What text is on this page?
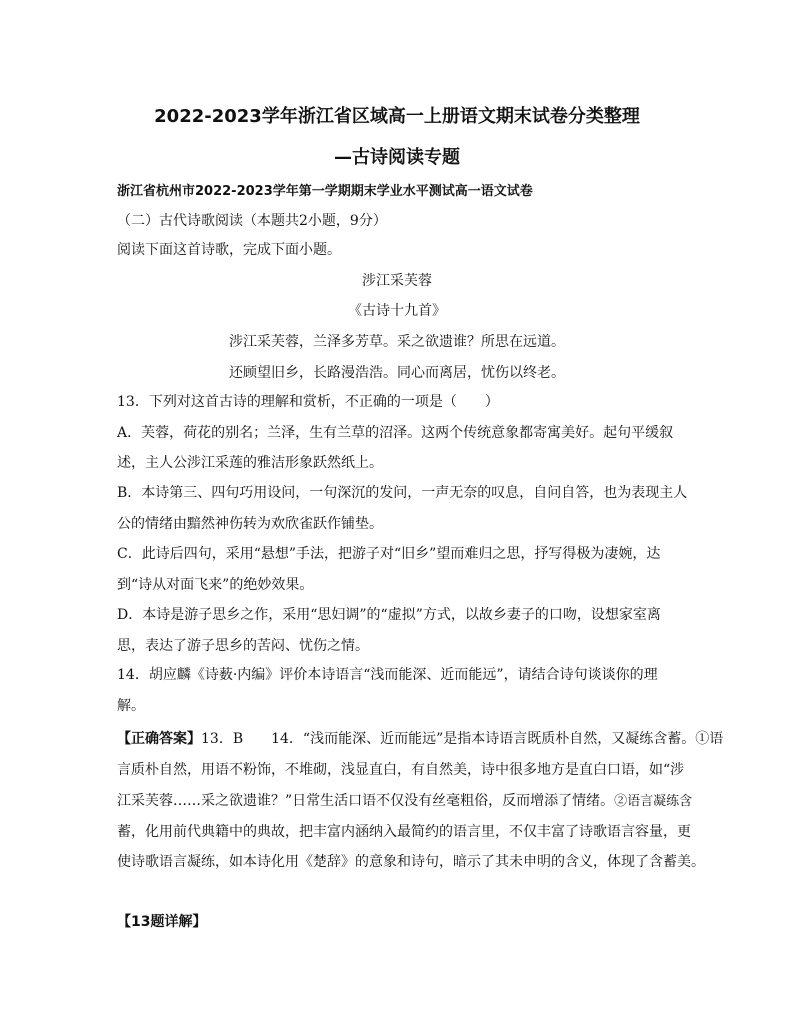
2022-2023学年浙江省区域高一上册语文期末试卷分类整理
—古诗阅读专题
浙江省杭州市2022-2023学年第一学期期末学业水平测试高一语文试卷
（二）古代诗歌阅读（本题共2小题，9分）
阅读下面这首诗歌，完成下面小题。
涉江采芙蓉
《古诗十九首》
涉江采芙蓉，兰泽多芳草。采之欲遗谁？所思在远道。
还顾望旧乡，长路漫浩浩。同心而离居，忧伤以终老。
13．下列对这首古诗的理解和赏析，不正确的一项是（　　）
A．芙蓉，荷花的别名；兰泽，生有兰草的沼泽。这两个传统意象都寄寓美好。起句平缓叙
述，主人公涉江采莲的雅洁形象跃然纸上。
B．本诗第三、四句巧用设问，一句深沉的发问，一声无奈的叹息，自问自答，也为表现主人
公的情绪由黯然神伤转为欢欣雀跃作铺垫。
C．此诗后四句，采用“悬想”手法，把游子对“旧乡”望而难归之思，抒写得极为凄婉，达
到“诗从对面飞来”的绝妙效果。
D．本诗是游子思乡之作，采用“思妇调”的“虚拟”方式，以故乡妻子的口吻，设想家室离
思，表达了游子思乡的苦闷、忧伤之情。
14．胡应麟《诗薮·内编》评价本诗语言“浅而能深、近而能远”，请结合诗句谈谈你的理
解。
【正确答案】13．B　　14．“浅而能深、近而能远”是指本诗语言既质朴自然，又凝练含蓄。①语
言质朴自然，用语不粉饰，不堆砌，浅显直白，有自然美，诗中很多地方是直白口语，如“涉
江采芙蓉……采之欲遗谁？”日常生活口语不仅没有丝毫粗俗，反而增添了情绪。②语言凝练含
蓄，化用前代典籍中的典故，把丰富内涵纳入最简约的语言里，不仅丰富了诗歌语言容量，更
使诗歌语言凝练，如本诗化用《楚辞》的意象和诗句，暗示了其未申明的含义，体现了含蓄美。
【13题详解】
